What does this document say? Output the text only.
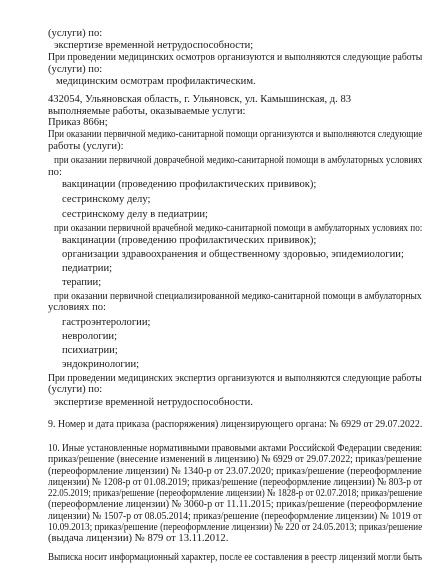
(услуги) по:
экспертизе временной нетрудоспособности;
При проведении медицинских осмотров организуются и выполняются следующие работы
(услуги) по:
медицинским осмотрам профилактическим.
432054, Ульяновская область, г. Ульяновск, ул. Камышинская, д. 83
выполняемые работы, оказываемые услуги:
Приказ 866н;
При оказании первичной медико-санитарной помощи организуются и выполняются следующие
работы (услуги):
при оказании первичной доврачебной медико-санитарной помощи в амбулаторных условиях
по:
вакцинации (проведению профилактических прививок);
сестринскому делу;
сестринскому делу в педиатрии;
при оказании первичной врачебной медико-санитарной помощи в амбулаторных условиях по:
вакцинации (проведению профилактических прививок);
организации здравоохранения и общественному здоровью, эпидемиологии;
педиатрии;
терапии;
при оказании первичной специализированной медико-санитарной помощи в амбулаторных
условиях по:
гастроэнтерологии;
неврологии;
психиатрии;
эндокринологии;
При проведении медицинских экспертиз организуются и выполняются следующие работы
(услуги) по:
экспертизе временной нетрудоспособности.
9. Номер и дата приказа (распоряжения) лицензирующего органа: № 6929 от 29.07.2022.
10. Иные установленные нормативными правовыми актами Российской Федерации сведения:
приказ/решение (внесение изменений в лицензию) № 6929 от 29.07.2022; приказ/решение
(переоформление лицензии) № 1340-р от 23.07.2020; приказ/решение (переоформление
лицензии) № 1208-р от 01.08.2019; приказ/решение (переоформление лицензии) № 803-р от
22.05.2019; приказ/решение (переоформление лицензии) № 1828-р от 02.07.2018; приказ/решение
(переоформление лицензии) № 3060-р от 11.11.2015; приказ/решение (переоформление
лицензии) № 1507-р от 08.05.2014; приказ/решение (переоформление лицензии) № 1019 от
10.09.2013; приказ/решение (переоформление лицензии) № 220 от 24.05.2013; приказ/решение
(выдача лицензии) № 879 от 13.11.2012.
Выписка носит информационный характер, после ее составления в реестр лицензий могли быть
